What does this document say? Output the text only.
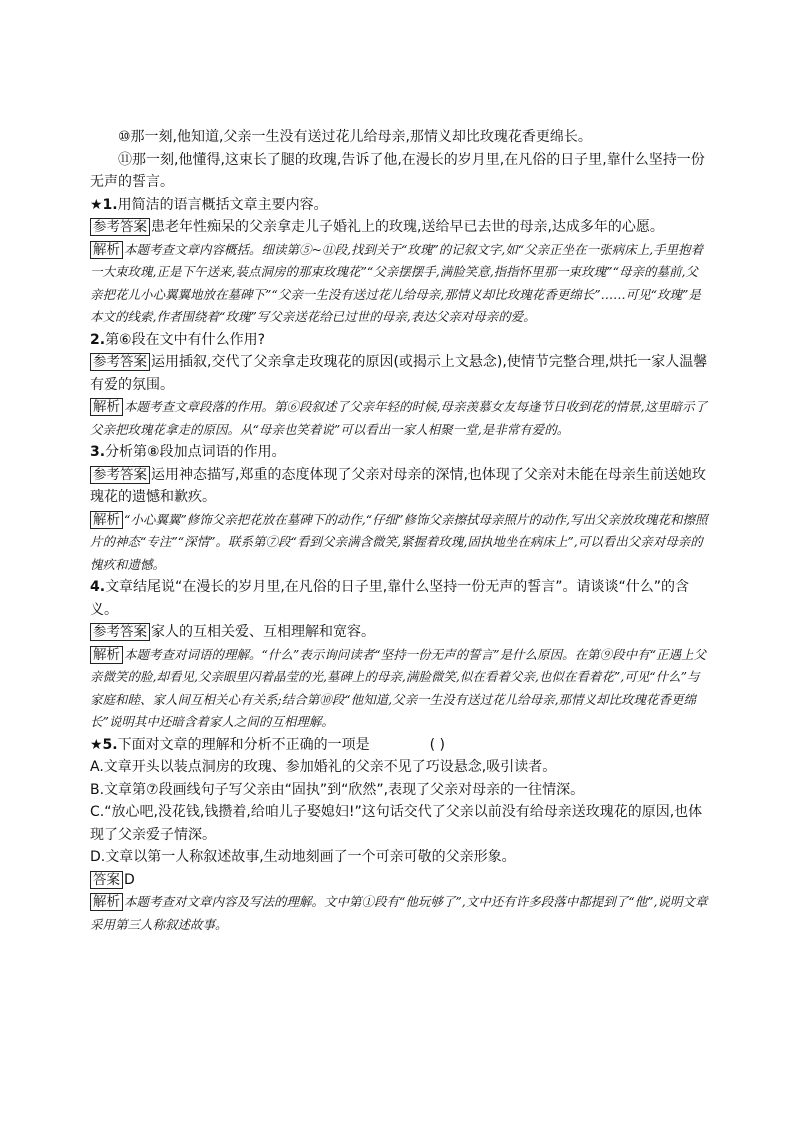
⑩那一刻,他知道,父亲一生没有送过花儿给母亲,那情义却比玫瑰花香更绵长。

⑪那一刻,他懂得,这束长了腿的玫瑰,告诉了他,在漫长的岁月里,在凡俗的日子里,靠什么坚持一份无声的誓言。

★1.用简洁的语言概括文章主要内容。

参考答案 患老年性痴呆的父亲拿走儿子婚礼上的玫瑰,送给早已去世的母亲,达成多年的心愿。

解析 本题考查文章内容概括。细读第⑤~⑪段,找到关于“玫瑰”的记叙文字,如“父亲正坐在一张病床上,手里抱着一大束玫瑰,正是下午送来,装点洞房的那束玫瑰花”“父亲摆摆手,满脸笑意,指指怀里那一束玫瑰”“母亲的墓前,父亲把花儿小心翼翼地放在墓碑下”“父亲一生没有送过花儿给母亲,那情义却比玫瑰花香更绵长”……可见“玫瑰”是本文的线索,作者围绕着“玫瑰”写父亲送花给已过世的母亲,表达父亲对母亲的爱。

2.第⑥段在文中有什么作用?

参考答案 运用插叙,交代了父亲拿走玫瑰花的原因(或揭示上文悬念),使情节完整合理,烘托一家人温馨有爱的氛围。

解析 本题考查文章段落的作用。第⑥段叙述了父亲年轻的时候,母亲羡慕女友每逢节日收到花的情景,这里暗示了父亲把玫瑰花拿走的原因。从“母亲也笑着说”可以看出一家人相聚一堂,是非常有爱的。

3.分析第⑧段加点词语的作用。

参考答案 运用神态描写,郑重的态度体现了父亲对母亲的深情,也体现了父亲对未能在母亲生前送她玫瑰花的遗憾和歉疚。

解析 “小心翼翼”修饰父亲把花放在墓碑下的动作,“仔细”修饰父亲擦拭母亲照片的动作,写出父亲放玫瑰花和擦照片的神态“专注”“深情”。联系第⑦段“看到父亲满含微笑,紧握着玫瑰,固执地坐在病床上”,可以看出父亲对母亲的愧疚和遗憾。

4.文章结尾说“在漫长的岁月里,在凡俗的日子里,靠什么坚持一份无声的誓言”。请谈谈“什么”的含义。

参考答案 家人的互相关爱、互相理解和宽容。

解析 本题考查对词语的理解。“什么”表示询问读者“坚持一份无声的誓言”是什么原因。在第⑨段中有“正遇上父亲微笑的脸,却看见,父亲眼里闪着晶莹的光,墓碑上的母亲,满脸微笑,似在看着父亲,也似在看着花”,可见“什么”与家庭和睦、家人间互相关心有关系;结合第⑩段“他知道,父亲一生没有送过花儿给母亲,那情义却比玫瑰花香更绵长”说明其中还暗含着家人之间的互相理解。

★5.下面对文章的理解和分析不正确的一项是	( )

A.文章开头以装点洞房的玫瑰、参加婚礼的父亲不见了巧设悬念,吸引读者。

B.文章第⑦段画线句子写父亲由“固执”到“欣然”,表现了父亲对母亲的一往情深。

C.“放心吧,没花钱,钱攒着,给咱儿子娶媳妇!”这句话交代了父亲以前没有给母亲送玫瑰花的原因,也体现了父亲爱子情深。

D.文章以第一人称叙述故事,生动地刻画了一个可亲可敬的父亲形象。

答案 D

解析 本题考查对文章内容及写法的理解。文中第①段有“他玩够了”,文中还有许多段落中都提到了“他”,说明文章采用第三人称叙述故事。
